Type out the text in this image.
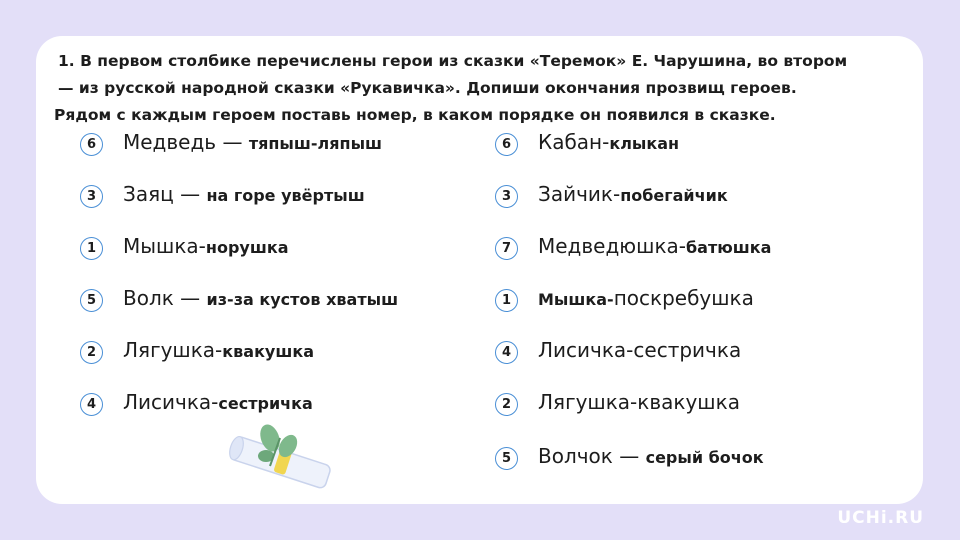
1. В первом столбике перечислены герои из сказки «Теремок» Е. Чарушина, во втором
— из русской народной сказки «Рукавичка». Допиши окончания прозвищ героев.
Рядом с каждым героем поставь номер, в каком порядке он появился в сказке.

6	Медведь — тяпыш-ляпыш
3	Заяц — на горе увёртыш
1	Мышка-норушка
5	Волк — из-за кустов хватыш
2	Лягушка-квакушка
4	Лисичка-сестричка
6	Кабан-клыкан
3	Зайчик-побегайчик
7	Медведюшка-батюшка
1	Мышка-поскребушка
4	Лисичка-сестричка
2	Лягушка-квакушка
5	Волчок — серый бочок
UCHi.RU
